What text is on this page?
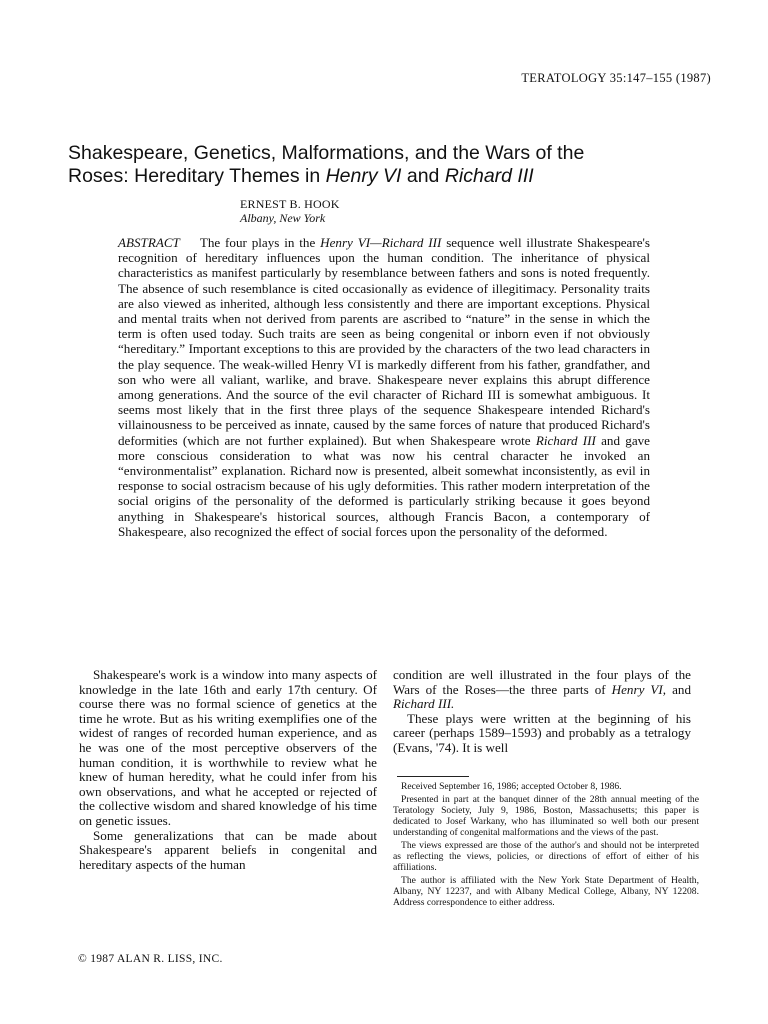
TERATOLOGY 35:147–155 (1987)
Shakespeare, Genetics, Malformations, and the Wars of the
Roses: Hereditary Themes in Henry VI and Richard III
ERNEST B. HOOK
Albany, New York
ABSTRACT The four plays in the Henry VI—Richard III sequence well illustrate Shakespeare's recognition of hereditary influences upon the human condition. The inheritance of physical characteristics as manifest particularly by resemblance between fathers and sons is noted frequently. The absence of such resemblance is cited occasionally as evidence of illegitimacy. Personality traits are also viewed as inherited, although less consistently and there are important exceptions. Physical and mental traits when not derived from parents are ascribed to “nature” in the sense in which the term is often used today. Such traits are seen as being congenital or inborn even if not obviously “hereditary.” Important exceptions to this are provided by the characters of the two lead characters in the play sequence. The weak-willed Henry VI is markedly different from his father, grandfather, and son who were all valiant, warlike, and brave. Shakespeare never explains this abrupt difference among generations. And the source of the evil character of Richard III is somewhat ambiguous. It seems most likely that in the first three plays of the sequence Shakespeare intended Richard's villainousness to be perceived as innate, caused by the same forces of nature that produced Richard's deformities (which are not further explained). But when Shakespeare wrote Richard III and gave more conscious consideration to what was now his central character he invoked an “environmentalist” explanation. Richard now is presented, albeit somewhat inconsistently, as evil in response to social ostracism because of his ugly deformities. This rather modern interpretation of the social origins of the personality of the deformed is particularly striking because it goes beyond anything in Shakespeare's historical sources, although Francis Bacon, a contemporary of Shakespeare, also recognized the effect of social forces upon the personality of the deformed.

Shakespeare's work is a window into many aspects of knowledge in the late 16th and early 17th century. Of course there was no formal science of genetics at the time he wrote. But as his writing exemplifies one of the widest of ranges of recorded human experience, and as he was one of the most perceptive observers of the human condition, it is worthwhile to review what he knew of human heredity, what he could infer from his own observations, and what he accepted or rejected of the collective wisdom and shared knowledge of his time on genetic issues.

Some generalizations that can be made about Shakespeare's apparent beliefs in congenital and hereditary aspects of the human

condition are well illustrated in the four plays of the Wars of the Roses—the three parts of Henry VI, and Richard III.

These plays were written at the beginning of his career (perhaps 1589–1593) and probably as a tetralogy (Evans, '74). It is well

Received September 16, 1986; accepted October 8, 1986.

Presented in part at the banquet dinner of the 28th annual meeting of the Teratology Society, July 9, 1986, Boston, Massachusetts; this paper is dedicated to Josef Warkany, who has illuminated so well both our present understanding of congenital malformations and the views of the past.

The views expressed are those of the author's and should not be interpreted as reflecting the views, policies, or directions of effort of either of his affiliations.

The author is affiliated with the New York State Department of Health, Albany, NY 12237, and with Albany Medical College, Albany, NY 12208. Address correspondence to either address.

© 1987 ALAN R. LISS, INC.
